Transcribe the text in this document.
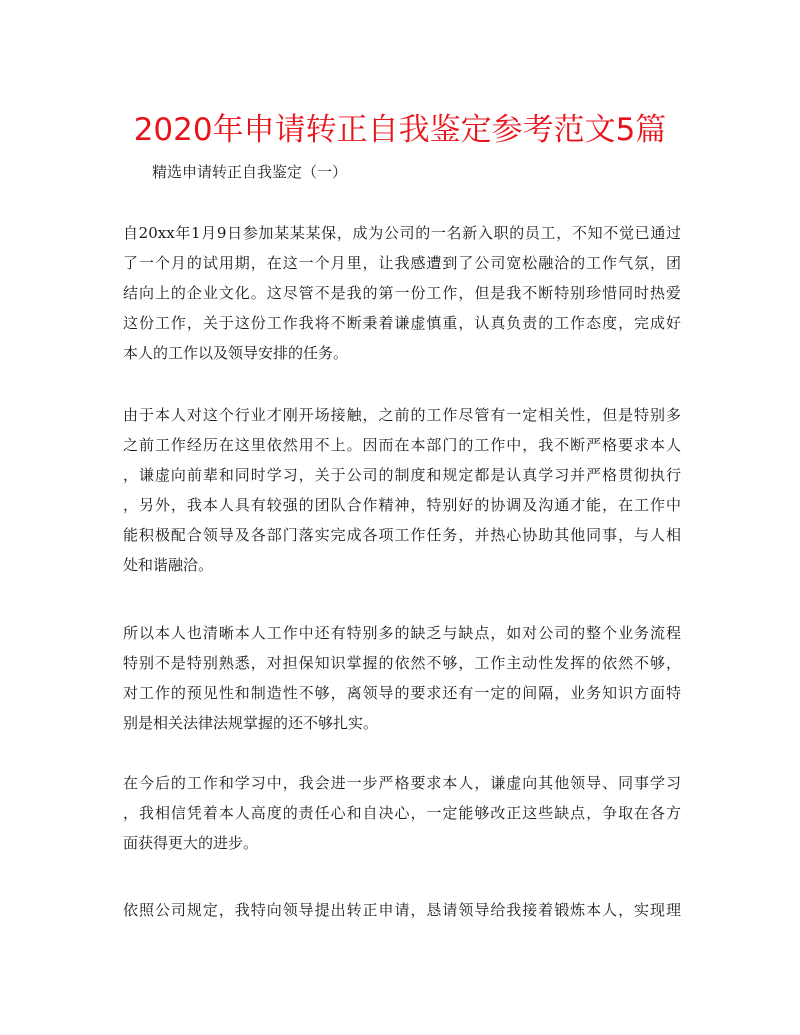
2020年申请转正自我鉴定参考范文5篇
精选申请转正自我鉴定（一）
自20xx年1月9日参加某某某保，成为公司的一名新入职的员工，不知不觉已通过
了一个月的试用期，在这一个月里，让我感遭到了公司宽松融洽的工作气氛，团
结向上的企业文化。这尽管不是我的第一份工作，但是我不断特别珍惜同时热爱
这份工作，关于这份工作我将不断秉着谦虚慎重，认真负责的工作态度，完成好
本人的工作以及领导安排的任务。
由于本人对这个行业才刚开场接触，之前的工作尽管有一定相关性，但是特别多
之前工作经历在这里依然用不上。因而在本部门的工作中，我不断严格要求本人
，谦虚向前辈和同时学习，关于公司的制度和规定都是认真学习并严格贯彻执行
，另外，我本人具有较强的团队合作精神，特别好的协调及沟通才能，在工作中
能积极配合领导及各部门落实完成各项工作任务，并热心协助其他同事，与人相
处和谐融洽。
所以本人也清晰本人工作中还有特别多的缺乏与缺点，如对公司的整个业务流程
特别不是特别熟悉，对担保知识掌握的依然不够，工作主动性发挥的依然不够，
对工作的预见性和制造性不够，离领导的要求还有一定的间隔，业务知识方面特
别是相关法律法规掌握的还不够扎实。
在今后的工作和学习中，我会进一步严格要求本人，谦虚向其他领导、同事学习
，我相信凭着本人高度的责任心和自决心，一定能够改正这些缺点，争取在各方
面获得更大的进步。
依照公司规定，我特向领导提出转正申请，恳请领导给我接着锻炼本人，实现理
